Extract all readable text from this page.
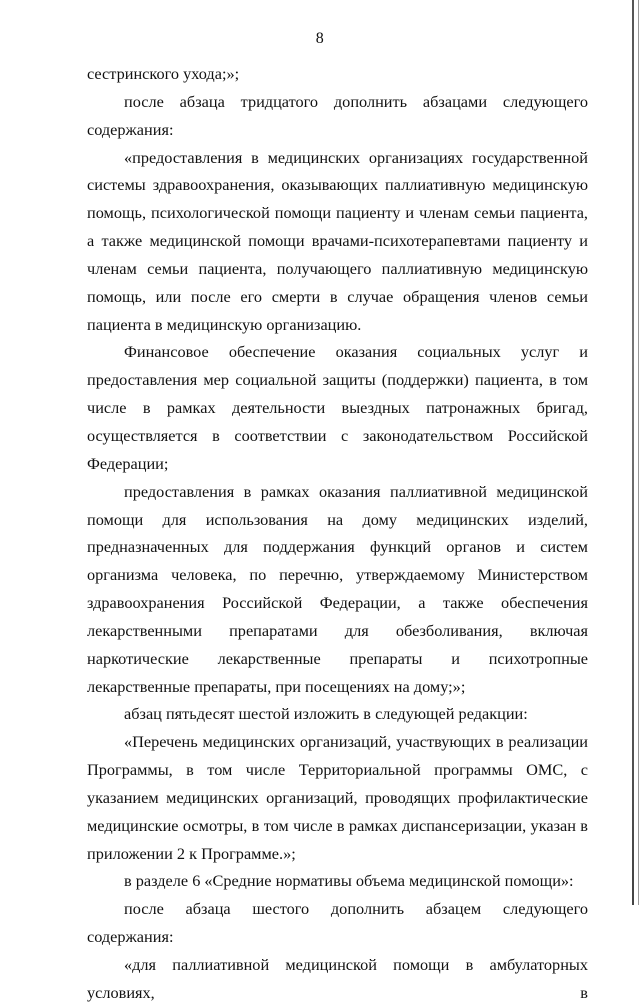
8

сестринского ухода;»;

после абзаца тридцатого дополнить абзацами следующего содержания:

«предоставления в медицинских организациях государственной системы здравоохранения, оказывающих паллиативную медицинскую помощь, психологической помощи пациенту и членам семьи пациента, а также медицинской помощи врачами-психотерапевтами пациенту и членам семьи пациента, получающего паллиативную медицинскую помощь, или после его смерти в случае обращения членов семьи пациента в медицинскую организацию.

Финансовое обеспечение оказания социальных услуг и предоставления мер социальной защиты (поддержки) пациента, в том числе в рамках деятельности выездных патронажных бригад, осуществляется в соответствии с законодательством Российской Федерации;

предоставления в рамках оказания паллиативной медицинской помощи для использования на дому медицинских изделий, предназначенных для поддержания функций органов и систем организма человека, по перечню, утверждаемому Министерством здравоохранения Российской Федерации, а также обеспечения лекарственными препаратами для обезболивания, включая наркотические лекарственные препараты и психотропные лекарственные препараты, при посещениях на дому;»;

абзац пятьдесят шестой изложить в следующей редакции:

«Перечень медицинских организаций, участвующих в реализации Программы, в том числе Территориальной программы ОМС, с указанием медицинских организаций, проводящих профилактические медицинские осмотры, в том числе в рамках диспансеризации, указан в приложении 2 к Программе.»;

в разделе 6 «Средние нормативы объема медицинской помощи»:

после абзаца шестого дополнить абзацем следующего содержания:

«для паллиативной медицинской помощи в амбулаторных условиях, в
